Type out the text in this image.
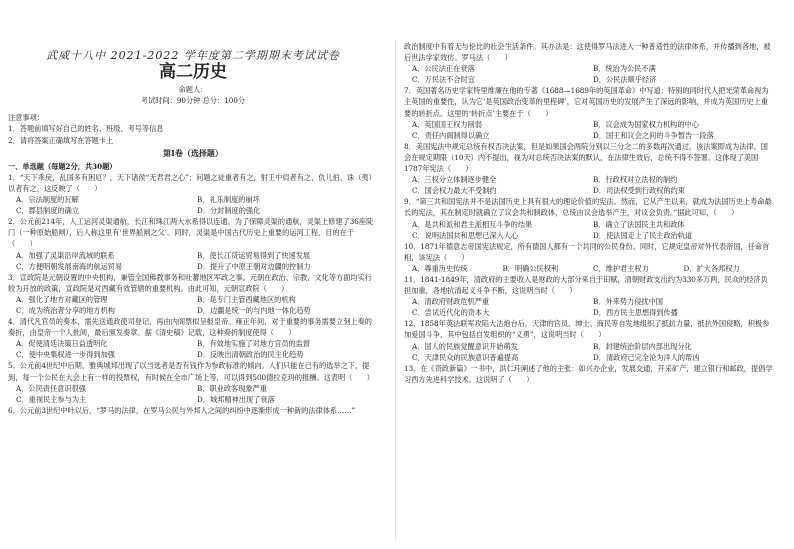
武威十八中 2021-2022 学年度第二学期期末考试试卷
高二历史
命题人：
考试时间：90分钟 总分：100分
注意事项：
1．答题前填写好自己的姓名、班级、考号等信息
2．请将答案正确填写在答题卡上
第Ⅰ卷（选择题）
一、单选题（每题2分，共30题）

1．“天下乖戾，乱国多有困厄？，天下诸侯“无君君之心”；问题之徒重者有之，射王中肩者有之，仇儿伯、诛（夷）以者有之，这反映了（　　）

A．宗法制度的瓦解	B．礼乐制度的崩坏
C．郡县制度的确立	D．分封制度的强化

2．公元前214年，人工运河灵渠通航，长江和珠江两大水系得以连通。为了保障灵渠的通航，灵渠上修建了36座陡门（一种原始船闸），后人称这里有‘世界船闸之父’。同时，灵渠是中国古代历史上重要的运河工程，目的在于（　　）

A．加强了灵渠沿岸流域的联系	B．使长江货运贸易得到了快速发展
C．方便明朝发展南海的航运贸易	D．提升了中原王朝对边疆的控制力

3．宣政院是元朝设置的中央机构，兼管全国佛教事务和吐蕃地区军政之事。元朝在政治、宗教、文化等方面均实行较为开放的政策，宣政院是对西藏有效管辖的重要机构。由此可知，元朝宣政院（　　）

A．强化了地方对藏区的管理	B．是专门主管西藏地区的机构
C．成为统治者分享的地方机构	D．边疆是统一的与内地一体化趋势

4．清代凡官员的奏本，需先送通政使司登记，再由内阁票拟呈报皇帝。雍正年间，对于重要的事务需要立刻上奏的奏折，由皇帝一个人批阅，最后颁发奏章。据《清史稿》记载，这种奏折制度使得（　　）

A．促使清廷决策日益透明化	B．有效地实施了对地方官员的监督
C．使中央集权进一步得到加强	D．反映出清朝政治的民主化趋势

5．公元前4世纪中后期，雅典城邦出现了以当选者是否有钱作为参政标准的倾向。人们只能在已有的选举之下，提到，每一个公民在大会上有一样的投票权，有时候在全市广场上等，可以得到500德拉克玛的报酬。这表明（　　）

A．公民责任意识很强	B．职业政客现象严重
C．重视民主参与为主	D．城邦精神出现了衰落

6．公元前3世纪中叶以后，“罗马的法律，在罗马公民与外邦人之间的纠纷中逐渐形成一种新的法律体系……”

政治制度中有着无与伦比的社会生活条件。其办法是：这使得罗马法进入一种普适性的法律体系，并传播到各地，被后世法学家效仿。罗马法（　　）

A．公民法正在衰落	B．统治为公民不满
C．万民法不合时宜	D．公民法顺乎经济

7．英国著名历史学家特里维廉在他的专著《1688—1689年的英国革命》中写道：特别的同时代人把光荣革命视为主英国的重要性，认为它‘是英国政治变革的里程碑’，它对英国历史的发展产生了深远的影响，并成为英国历史上重要的转折点。这里的‘转折点’主要在于（　　）

A．英国国王权力削弱	B．议会成为国家权力机构的中心
C．责任内阁制得以确立	D．国王和议会之间的斗争暂告一段落

8．美国宪法中规定总统有权否决法案，但是如果国会两院分别以三分之二的多数再次通过，该法案即成为法律。国会在规定期限（10天）内不提出，视为对总统否决法案的默认，在法律生效后，总统不得不签署。这体现了美国1787年宪法（　　）

A．三权分立体制逐步健全	B．行政权对立法权的制约
C．国会权力最大不受制约	D．司法权受到行政权的约束

9．“第三共和国宪法并不是法国历史上具有很大的理论价值的宪法。然而，它从产生以来，就成为法国历史上寿命最长的宪法，其在制定时就确立了议会共和制政体，总统由议会选举产生，对议会负责。”据此可知，（　　）

A．是共和派和君主派相互斗争的结果	B．确立了法国民主共和政体
C．说明法国共和思想已深入人心	D．使法国走上了民主政治轨道

10．1871年德意志帝国宪法规定，所有德国人都有一个共同的公民身份。同时，它规定皇帝对外代表帝国，任命首相，该宪法（　　）

A．尊重历史传统	B．明确公民权利	C．维护君主权力	D．扩大各邦权力

11．1841-1849年，清政府的主要收入是财政的大部分来自于田赋，清朝财政支出约为330多万两，民众的经济负担加重，各地抗清起义斗争不断，这说明当时（　　）

A．清政府财政危机严重	B．外来势力侵扰中国
C．尝试近代化的资本大	D．西方民主思想得到传播

12．1858年英法联军攻陷大沽炮台后，天津的官员、绅士、商民等自发地组织了抵抗力量，抵抗外国侵略，积极参加爱国斗争，其中包括自发组织的“义勇”，这说明当时（　　）

A．国人的民族觉醒意识开始萌发	B．封建统治阶层内部出现分化
C．天津民众的民族意识普遍提高	D．清政府已完全沦为洋人的帮凶

13．在《资政新篇》一书中，洪仁玕阐述了他的主张：如兴办企业，发展交通，开采矿产，建立银行和邮政，提倡学习西方先进科学技术。这说明了（　　）
